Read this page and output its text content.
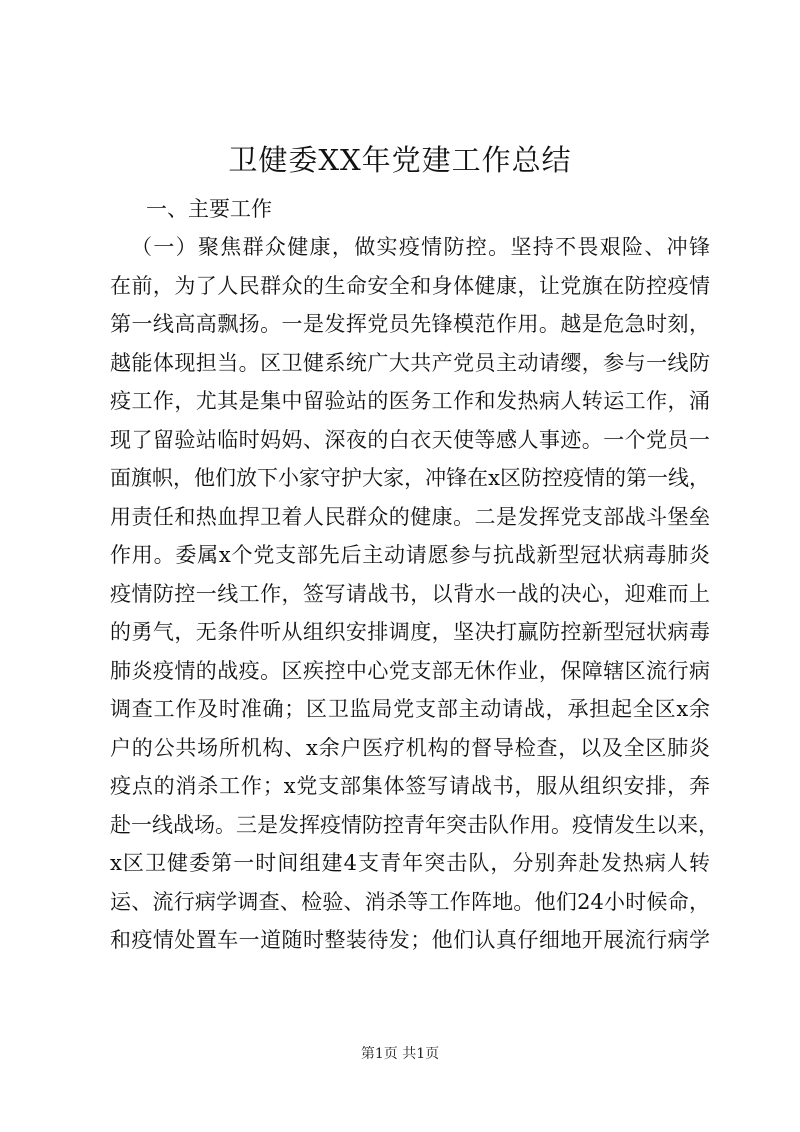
卫健委XX年党建工作总结

一、主要工作

（一）聚焦群众健康，做实疫情防控。坚持不畏艰险、冲锋

在前，为了人民群众的生命安全和身体健康，让党旗在防控疫情

第一线高高飘扬。一是发挥党员先锋模范作用。越是危急时刻，

越能体现担当。区卫健系统广大共产党员主动请缨，参与一线防

疫工作，尤其是集中留验站的医务工作和发热病人转运工作，涌

现了留验站临时妈妈、深夜的白衣天使等感人事迹。一个党员一

面旗帜，他们放下小家守护大家，冲锋在x区防控疫情的第一线，

用责任和热血捍卫着人民群众的健康。二是发挥党支部战斗堡垒

作用。委属x个党支部先后主动请愿参与抗战新型冠状病毒肺炎

疫情防控一线工作，签写请战书，以背水一战的决心，迎难而上

的勇气，无条件听从组织安排调度，坚决打赢防控新型冠状病毒

肺炎疫情的战疫。区疾控中心党支部无休作业，保障辖区流行病

调查工作及时准确；区卫监局党支部主动请战，承担起全区x余

户的公共场所机构、x余户医疗机构的督导检查，以及全区肺炎

疫点的消杀工作；x党支部集体签写请战书，服从组织安排，奔

赴一线战场。三是发挥疫情防控青年突击队作用。疫情发生以来，

x区卫健委第一时间组建4支青年突击队，分别奔赴发热病人转

运、流行病学调查、检验、消杀等工作阵地。他们24小时候命，

和疫情处置车一道随时整装待发；他们认真仔细地开展流行病学

第1页 共1页
